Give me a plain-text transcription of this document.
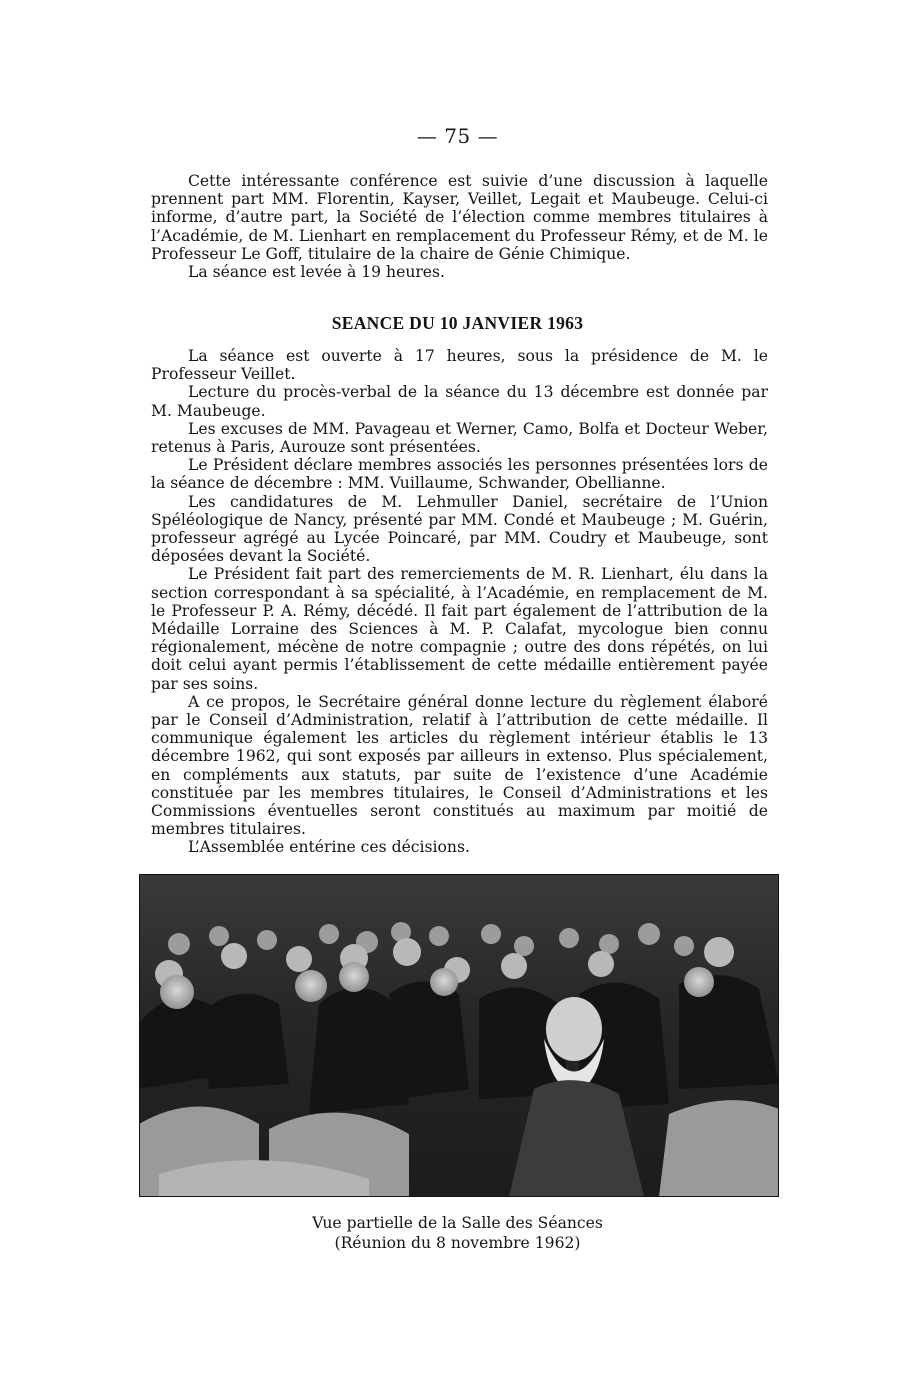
— 75 —

Cette intéressante conférence est suivie d’une discussion à laquelle prennent part MM. Florentin, Kayser, Veillet, Legait et Maubeuge. Celui-ci informe, d’autre part, la Société de l’élection comme membres titulaires à l’Académie, de M. Lienhart en remplacement du Professeur Rémy, et de M. le Professeur Le Goff, titulaire de la chaire de Génie Chimique.

La séance est levée à 19 heures.

SEANCE DU 10 JANVIER 1963

La séance est ouverte à 17 heures, sous la présidence de M. le Professeur Veillet.

Lecture du procès-verbal de la séance du 13 décembre est donnée par M. Maubeuge.

Les excuses de MM. Pavageau et Werner, Camo, Bolfa et Docteur Weber, retenus à Paris, Aurouze sont présentées.

Le Président déclare membres associés les personnes présentées lors de la séance de décembre : MM. Vuillaume, Schwander, Obellianne.

Les candidatures de M. Lehmuller Daniel, secrétaire de l’Union Spéléologique de Nancy, présenté par MM. Condé et Maubeuge ; M. Guérin, professeur agrégé au Lycée Poincaré, par MM. Coudry et Maubeuge, sont déposées devant la Société.

Le Président fait part des remerciements de M. R. Lienhart, élu dans la section correspondant à sa spécialité, à l’Académie, en remplacement de M. le Professeur P. A. Rémy, décédé. Il fait part également de l’attribution de la Médaille Lorraine des Sciences à M. P. Calafat, mycologue bien connu régionalement, mécène de notre compagnie ; outre des dons répétés, on lui doit celui ayant permis l’établissement de cette médaille entièrement payée par ses soins.

A ce propos, le Secrétaire général donne lecture du règlement élaboré par le Conseil d’Administration, relatif à l’attribution de cette médaille. Il communique également les articles du règlement intérieur établis le 13 décembre 1962, qui sont exposés par ailleurs in extenso. Plus spécialement, en compléments aux statuts, par suite de l’existence d’une Académie constituée par les membres titulaires, le Conseil d’Administrations et les Commissions éventuelles seront constitués au maximum par moitié de membres titulaires.

L’Assemblée entérine ces décisions.

Vue partielle de la Salle des Séances
(Réunion du 8 novembre 1962)
